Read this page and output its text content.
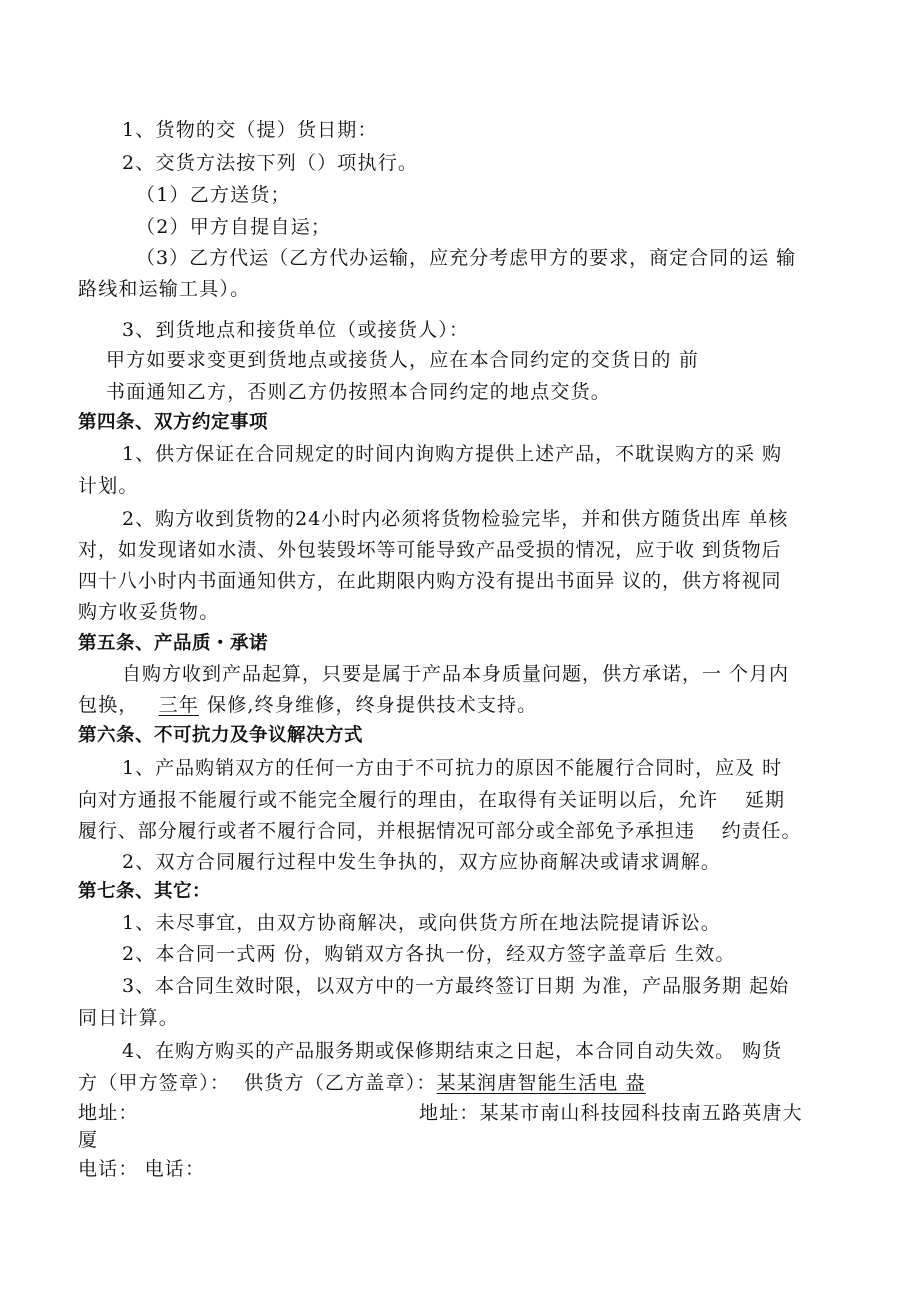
1、货物的交（提）货日期：
2、交货方法按下列（）项执行。
（1）乙方送货；
（2）甲方自提自运；
（3）乙方代运（乙方代办运输，应充分考虑甲方的要求，商定合同的运 输
路线和运输工具）。
3、到货地点和接货单位（或接货人）：
甲方如要求变更到货地点或接货人，应在本合同约定的交货日的 前
书面通知乙方，否则乙方仍按照本合同约定的地点交货。
第四条、双方约定事项
1、供方保证在合同规定的时间内询购方提供上述产品，不耽误购方的采 购
计划。
2、购方收到货物的24小时内必须将货物检验完毕，并和供方随货出库 单核
对，如发现诸如水渍、外包装毁坏等可能导致产品受损的情况，应于收 到货物后
四十八小时内书面通知供方，在此期限内购方没有提出书面异 议的，供方将视同
购方收妥货物。
第五条、产品质・承诺
自购方收到产品起算，只要是属于产品本身质量问题，供方承诺，一 个月内
包换， 三年 保修,终身维修，终身提供技术支持。
第六条、不可抗力及争议解决方式
1、产品购销双方的任何一方由于不可抗力的原因不能履行合同时，应及 时
向对方通报不能履行或不能完全履行的理由，在取得有关证明以后，允许　 延期
履行、部分履行或者不履行合同，并根据情况可部分或全部免予承担违　 约责任。
2、双方合同履行过程中发生争执的，双方应协商解决或请求调解。
第七条、其它：
1、未尽事宜，由双方协商解决，或向供货方所在地法院提请诉讼。
2、本合同一式两 份，购销双方各执一份，经双方签字盖章后 生效。
3、本合同生效时限，以双方中的一方最终签订日期 为准，产品服务期 起始
同日计算。
4、在购方购买的产品服务期或保修期结束之日起，本合同自动失效。 购货
方（甲方签章）： 供货方（乙方盖章）：某某润唐智能生活电 盎
地址：	地址：某某市南山科技园科技南五路英唐大
厦
电话： 电话：
